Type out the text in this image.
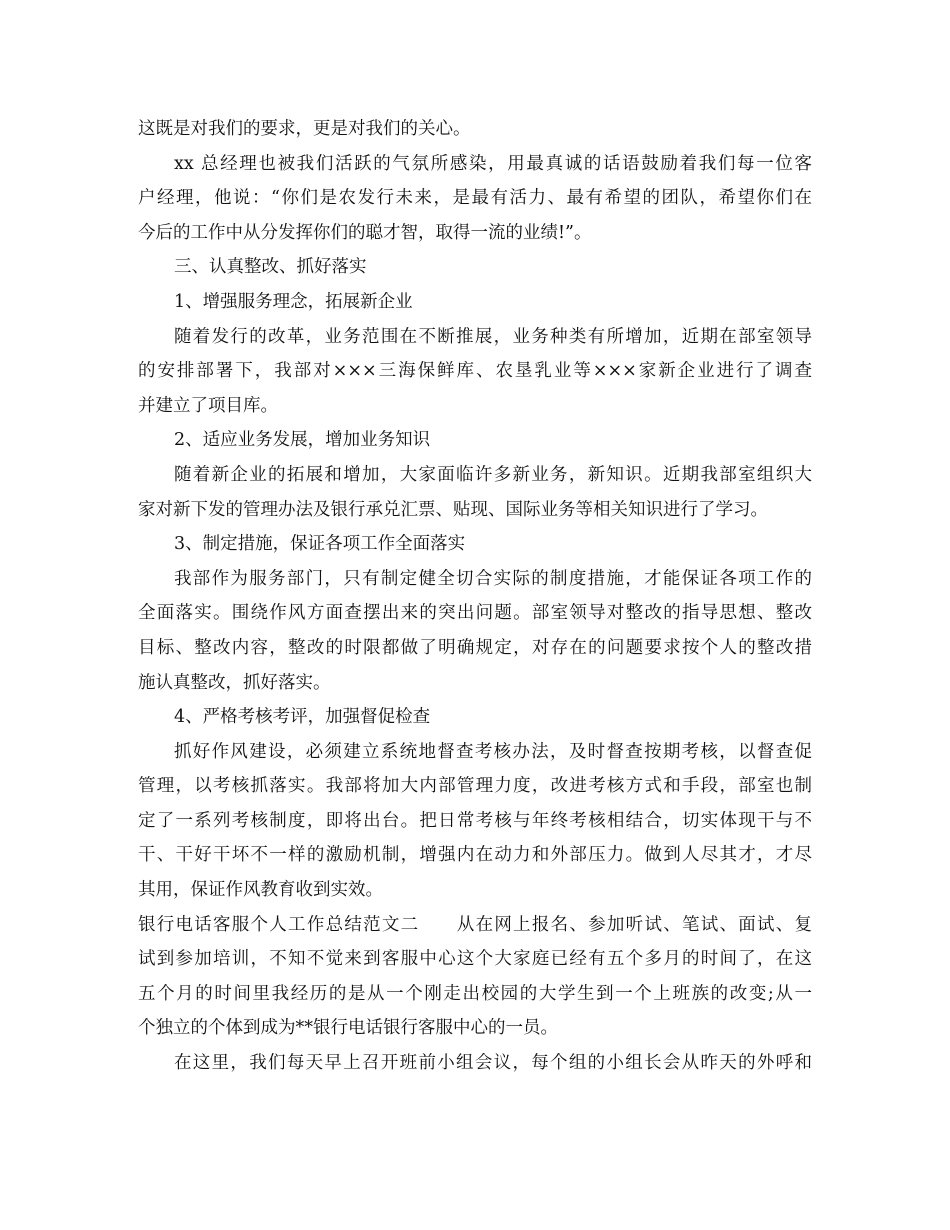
这既是对我们的要求，更是对我们的关心。
xx 总经理也被我们活跃的气氛所感染，用最真诚的话语鼓励着我们每一位客
户经理，他说：“你们是农发行未来，是最有活力、最有希望的团队，希望你们在
今后的工作中从分发挥你们的聪才智，取得一流的业绩!”。
三、认真整改、抓好落实
1、增强服务理念，拓展新企业
随着发行的改革，业务范围在不断推展，业务种类有所增加，近期在部室领导
的安排部署下，我部对×××三海保鲜库、农垦乳业等×××家新企业进行了调查
并建立了项目库。
2、适应业务发展，增加业务知识
随着新企业的拓展和增加，大家面临许多新业务，新知识。近期我部室组织大
家对新下发的管理办法及银行承兑汇票、贴现、国际业务等相关知识进行了学习。
3、制定措施，保证各项工作全面落实
我部作为服务部门，只有制定健全切合实际的制度措施，才能保证各项工作的
全面落实。围绕作风方面查摆出来的突出问题。部室领导对整改的指导思想、整改
目标、整改内容，整改的时限都做了明确规定，对存在的问题要求按个人的整改措
施认真整改，抓好落实。
4、严格考核考评，加强督促检查
抓好作风建设，必须建立系统地督查考核办法，及时督查按期考核，以督查促
管理，以考核抓落实。我部将加大内部管理力度，改进考核方式和手段，部室也制
定了一系列考核制度，即将出台。把日常考核与年终考核相结合，切实体现干与不
干、干好干坏不一样的激励机制，增强内在动力和外部压力。做到人尽其才，才尽
其用，保证作风教育收到实效。
银行电话客服个人工作总结范文二　　从在网上报名、参加听试、笔试、面试、复
试到参加培训，不知不觉来到客服中心这个大家庭已经有五个多月的时间了，在这
五个月的时间里我经历的是从一个刚走出校园的大学生到一个上班族的改变;从一
个独立的个体到成为**银行电话银行客服中心的一员。
在这里，我们每天早上召开班前小组会议，每个组的小组长会从昨天的外呼和
